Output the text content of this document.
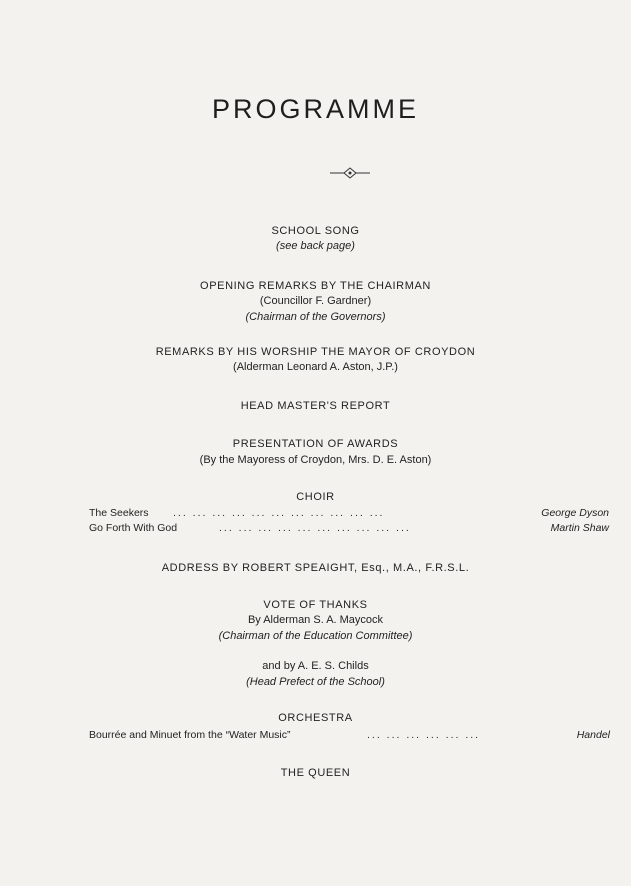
PROGRAMME
SCHOOL SONG
(see back page)
OPENING REMARKS BY THE CHAIRMAN
(Councillor F. Gardner)
(Chairman of the Governors)
REMARKS BY HIS WORSHIP THE MAYOR OF CROYDON
(Alderman Leonard A. Aston, J.P.)
HEAD MASTER'S REPORT
PRESENTATION OF AWARDS
(By the Mayoress of Croydon, Mrs. D. E. Aston)
CHOIR
The Seekers ... ... ... ... ... ... ... ... ... ... ...	George Dyson
Go Forth With God	... ... ... ... ... ... ... ... ... ...	Martin Shaw
ADDRESS BY ROBERT SPEAIGHT, Esq., M.A., F.R.S.L.
VOTE OF THANKS
By Alderman S. A. Maycock
(Chairman of the Education Committee)
and by A. E. S. Childs
(Head Prefect of the School)
ORCHESTRA
Bourrée and Minuet from the “Water Music”	... ... ... ... ... ...	Handel
THE QUEEN
